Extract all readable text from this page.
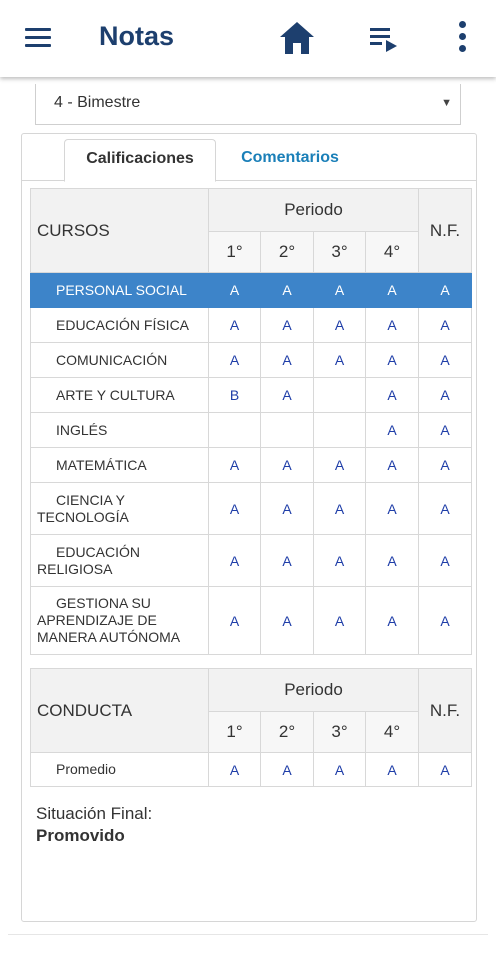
Notas
4 - Bimestre	▼
Calificaciones	Comentarios
CURSOS	Periodo				N.F.
	1°	2°	3°	4°	
PERSONAL SOCIAL	A	A	A	A	A
EDUCACIÓN FÍSICA	A	A	A	A	A
COMUNICACIÓN	A	A	A	A	A
ARTE Y CULTURA	B	A		A	A
INGLÉS				A	A
MATEMÁTICA	A	A	A	A	A
CIENCIA Y TECNOLOGÍA	A	A	A	A	A
EDUCACIÓN RELIGIOSA	A	A	A	A	A
GESTIONA SU APRENDIZAJE DE MANERA AUTÓNOMA	A	A	A	A	A
CONDUCTA	Periodo				N.F.
	1°	2°	3°	4°	
Promedio	A	A	A	A	A
Situación Final:
Promovido
